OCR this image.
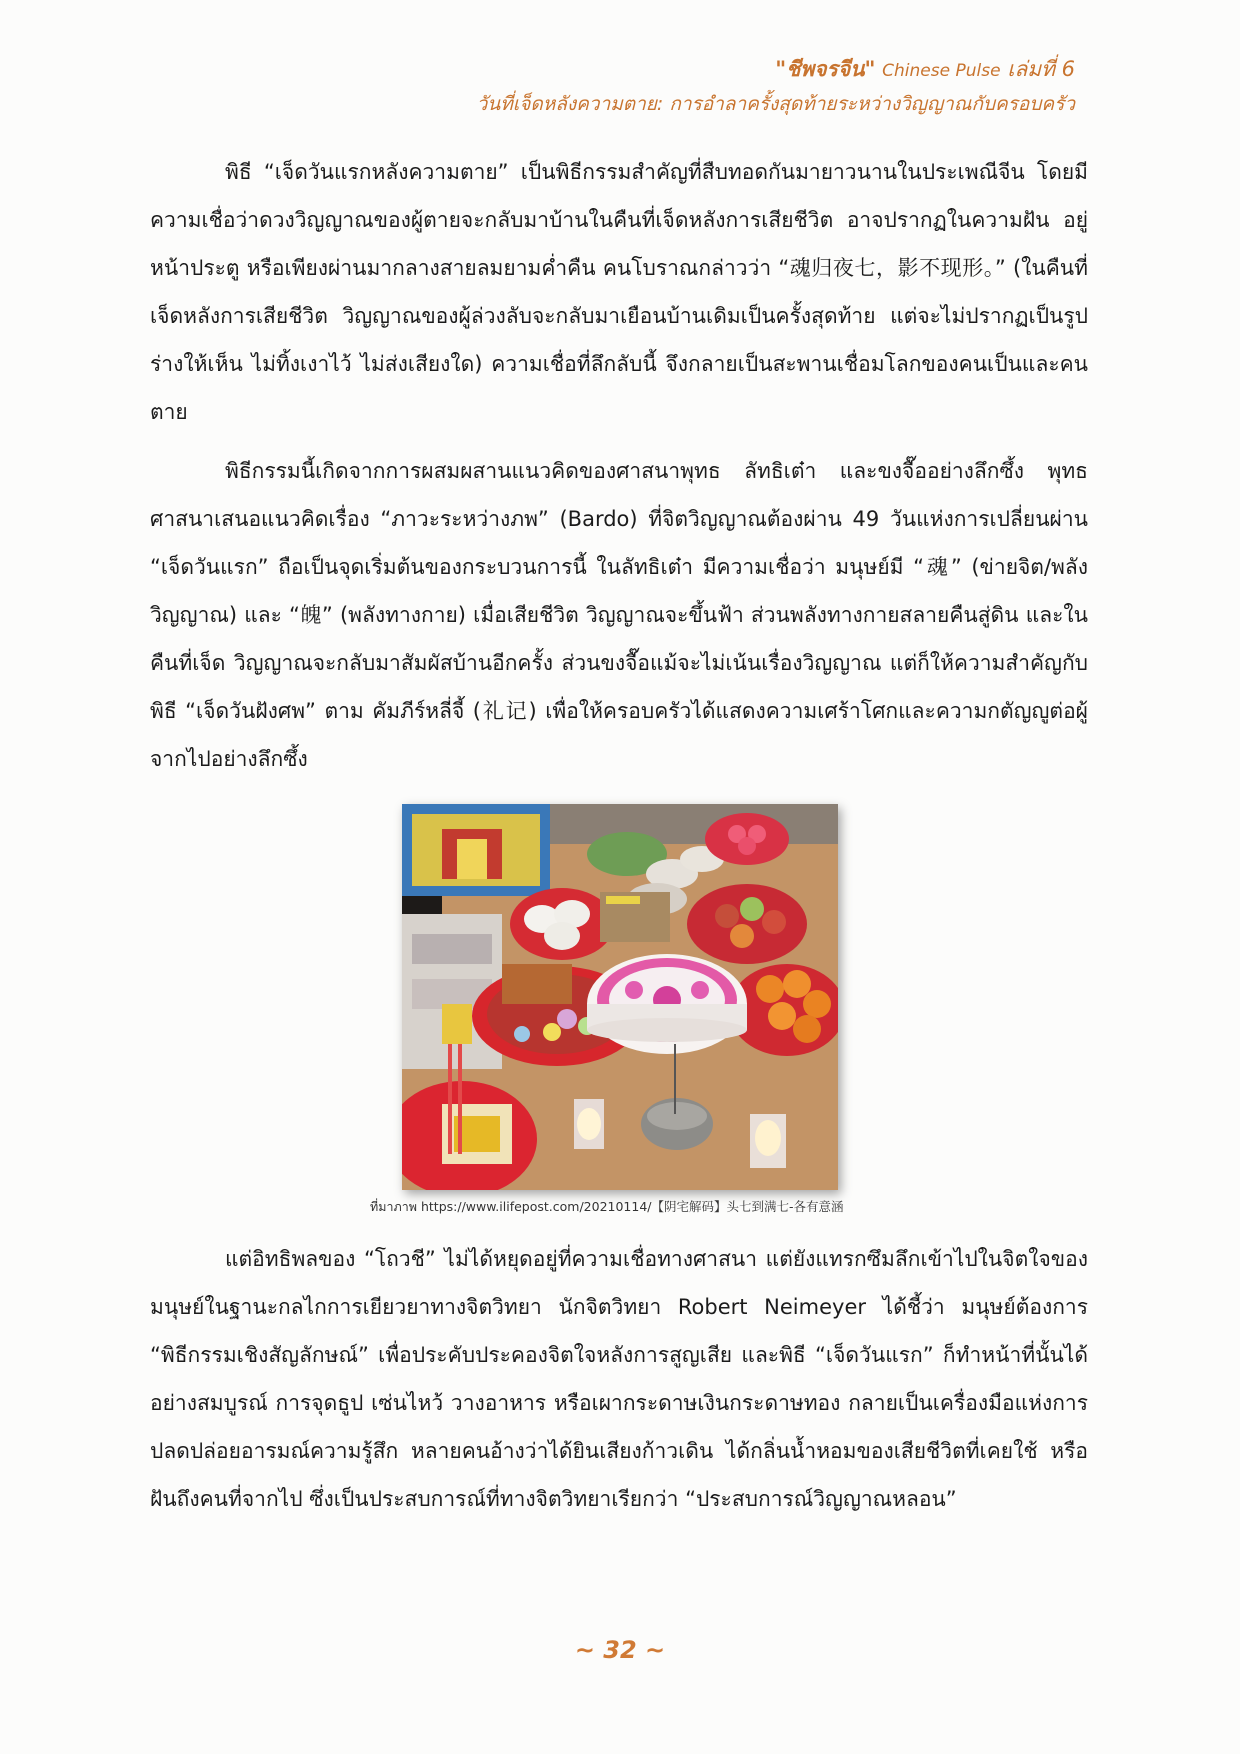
"ชีพจรจีน" Chinese Pulse เล่มที่ 6
วันที่เจ็ดหลังความตาย: การอำลาครั้งสุดท้ายระหว่างวิญญาณกับครอบครัว

พิธี “เจ็ดวันแรกหลังความตาย” เป็นพิธีกรรมสำคัญที่สืบทอดกันมายาวนานในประเพณีจีน โดยมีความเชื่อว่าดวงวิญญาณของผู้ตายจะกลับมาบ้านในคืนที่เจ็ดหลังการเสียชีวิต อาจปรากฏในความฝัน อยู่หน้าประตู หรือเพียงผ่านมากลางสายลมยามค่ำคืน คนโบราณกล่าวว่า “魂归夜七，影不现形。” (ในคืนที่เจ็ดหลังการเสียชีวิต วิญญาณของผู้ล่วงลับจะกลับมาเยือนบ้านเดิมเป็นครั้งสุดท้าย แต่จะไม่ปรากฏเป็นรูปร่างให้เห็น ไม่ทิ้งเงาไว้ ไม่ส่งเสียงใด) ความเชื่อที่ลึกลับนี้ จึงกลายเป็นสะพานเชื่อมโลกของคนเป็นและคนตาย

พิธีกรรมนี้เกิดจากการผสมผสานแนวคิดของศาสนาพุทธ ลัทธิเต๋า และขงจื๊ออย่างลึกซึ้ง พุทธศาสนาเสนอแนวคิดเรื่อง “ภาวะระหว่างภพ” (Bardo) ที่จิตวิญญาณต้องผ่าน 49 วันแห่งการเปลี่ยนผ่าน “เจ็ดวันแรก” ถือเป็นจุดเริ่มต้นของกระบวนการนี้ ในลัทธิเต๋า มีความเชื่อว่า มนุษย์มี “魂” (ข่ายจิต/พลังวิญญาณ) และ “魄” (พลังทางกาย) เมื่อเสียชีวิต วิญญาณจะขึ้นฟ้า ส่วนพลังทางกายสลายคืนสู่ดิน และในคืนที่เจ็ด วิญญาณจะกลับมาสัมผัสบ้านอีกครั้ง ส่วนขงจื๊อแม้จะไม่เน้นเรื่องวิญญาณ แต่ก็ให้ความสำคัญกับพิธี “เจ็ดวันฝังศพ” ตาม คัมภีร์หลี่จี้ (礼记) เพื่อให้ครอบครัวได้แสดงความเศร้าโศกและความกตัญญูต่อผู้จากไปอย่างลึกซึ้ง

ที่มาภาพ https://www.ilifepost.com/20210114/【阴宅解码】头七到满七-各有意涵

แต่อิทธิพลของ “โถวชี” ไม่ได้หยุดอยู่ที่ความเชื่อทางศาสนา แต่ยังแทรกซึมลึกเข้าไปในจิตใจของมนุษย์ในฐานะกลไกการเยียวยาทางจิตวิทยา นักจิตวิทยา Robert Neimeyer ได้ชี้ว่า มนุษย์ต้องการ “พิธีกรรมเชิงสัญลักษณ์” เพื่อประคับประคองจิตใจหลังการสูญเสีย และพิธี “เจ็ดวันแรก” ก็ทำหน้าที่นั้นได้อย่างสมบูรณ์ การจุดธูป เซ่นไหว้ วางอาหาร หรือเผากระดาษเงินกระดาษทอง กลายเป็นเครื่องมือแห่งการปลดปล่อยอารมณ์ความรู้สึก หลายคนอ้างว่าได้ยินเสียงก้าวเดิน ได้กลิ่นน้ำหอมของเสียชีวิตที่เคยใช้ หรือฝันถึงคนที่จากไป ซึ่งเป็นประสบการณ์ที่ทางจิตวิทยาเรียกว่า “ประสบการณ์วิญญาณหลอน”

~ 32 ~
